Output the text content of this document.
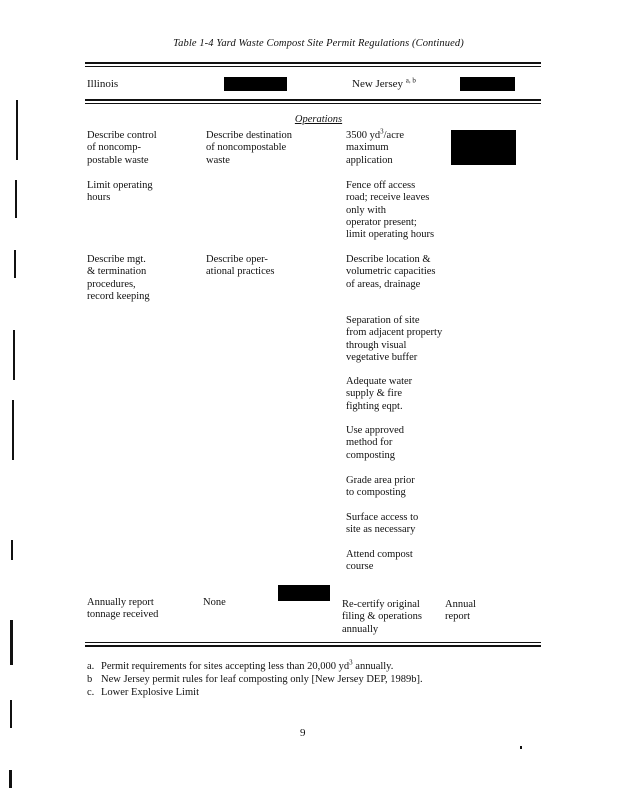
Table 1-4 Yard Waste Compost Site Permit Regulations (Continued)
Illinois	New Jersey $^{a, b}$
Operations
Describe control
of noncomp-
postable waste
Describe destination
of noncompostable
waste
3500 $yd^3$/acre
maximum
application
Limit operating
hours
Fence off access
road; receive leaves
only with
operator present;
limit operating hours
Describe mgt.
& termination
procedures,
record keeping
Describe oper-
ational practices
Describe location &
volumetric capacities
of areas, drainage
Separation of site
from adjacent property
through visual
vegetative buffer
Adequate water
supply & fire
fighting eqpt.
Use approved
method for
composting
Grade area prior
to composting
Surface access to
site as necessary
Attend compost
course
Annually report
tonnage received
None	Re-certify original
filing & operations
annually
Annual
report
a. Permit requirements for sites accepting less than 20,000 $yd^3$ annually.
b New Jersey permit rules for leaf composting only [New Jersey DEP, 1989b].
c. Lower Explosive Limit
9
